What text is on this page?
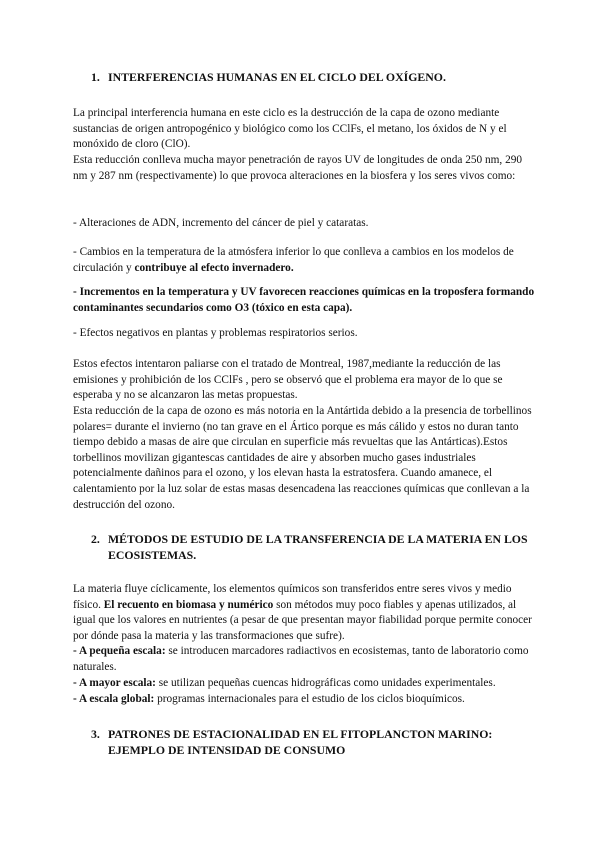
1. INTERFERENCIAS HUMANAS EN EL CICLO DEL OXÍGENO.

La principal interferencia humana en este ciclo es la destrucción de la capa de ozono mediante sustancias de origen antropogénico y biológico como los CClFs, el metano, los óxidos de N y el monóxido de cloro (ClO).

Esta reducción conlleva mucha mayor penetración de rayos UV de longitudes de onda 250 nm, 290 nm y 287 nm (respectivamente) lo que provoca alteraciones en la biosfera y los seres vivos como:

- Alteraciones de ADN, incremento del cáncer de piel y cataratas.

- Cambios en la temperatura de la atmósfera inferior lo que conlleva a cambios en los modelos de circulación y contribuye al efecto invernadero.

- Incrementos en la temperatura y UV favorecen reacciones químicas en la troposfera formando contaminantes secundarios como O3 (tóxico en esta capa).

- Efectos negativos en plantas y problemas respiratorios serios.

Estos efectos intentaron paliarse con el tratado de Montreal, 1987,mediante la reducción de las emisiones y prohibición de los CClFs , pero se observó que el problema era mayor de lo que se esperaba y no se alcanzaron las metas propuestas.

Esta reducción de la capa de ozono es más notoria en la Antártida debido a la presencia de torbellinos polares= durante el invierno (no tan grave en el Ártico porque es más cálido y estos no duran tanto tiempo debido a masas de aire que circulan en superficie más revueltas que las Antárticas).Estos torbellinos movilizan gigantescas cantidades de aire y absorben mucho gases industriales potencialmente dañinos para el ozono, y los elevan hasta la estratosfera. Cuando amanece, el calentamiento por la luz solar de estas masas desencadena las reacciones químicas que conllevan a la destrucción del ozono.

2. MÉTODOS DE ESTUDIO DE LA TRANSFERENCIA DE LA MATERIA EN LOS ECOSISTEMAS.

La materia fluye cíclicamente, los elementos químicos son transferidos entre seres vivos y medio físico. El recuento en biomasa y numérico son métodos muy poco fiables y apenas utilizados, al igual que los valores en nutrientes (a pesar de que presentan mayor fiabilidad porque permite conocer por dónde pasa la materia y las transformaciones que sufre).

- A pequeña escala: se introducen marcadores radiactivos en ecosistemas, tanto de laboratorio como naturales.

- A mayor escala: se utilizan pequeñas cuencas hidrográficas como unidades experimentales.

- A escala global: programas internacionales para el estudio de los ciclos bioquímicos.

3. PATRONES DE ESTACIONALIDAD EN EL FITOPLANCTON MARINO: EJEMPLO DE INTENSIDAD DE CONSUMO
